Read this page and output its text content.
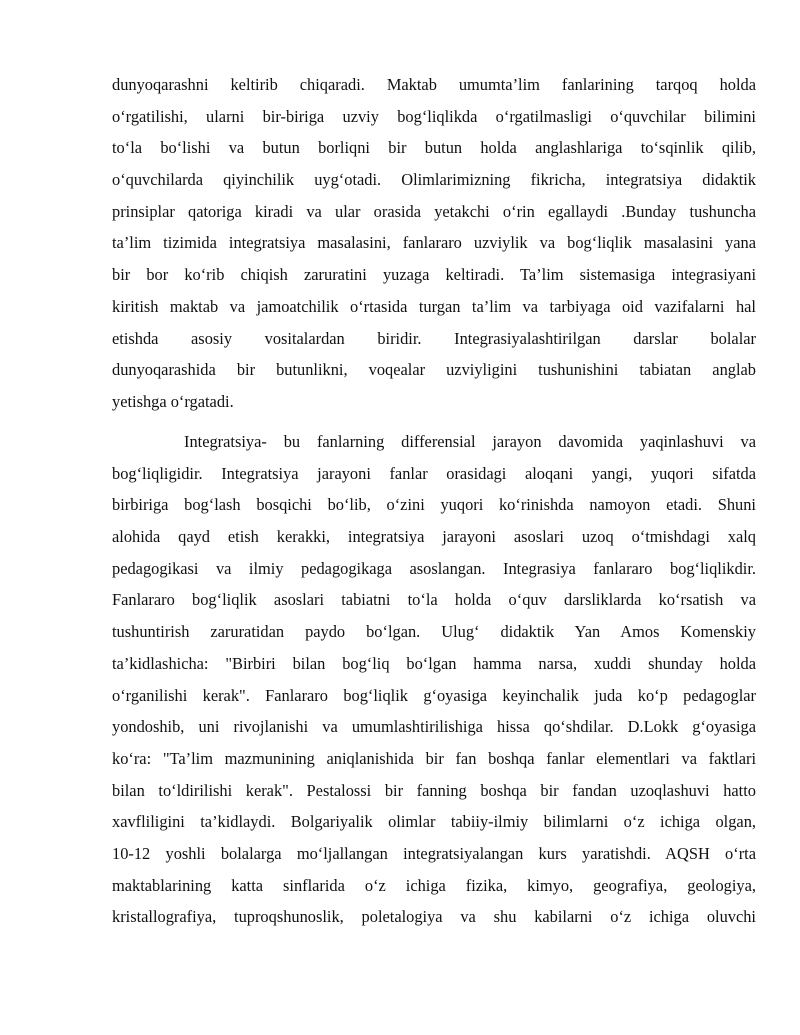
dunyoqarashni keltirib chiqaradi. Maktab umumta’lim fanlarining tarqoq holda
o‘rgatilishi, ularni bir-biriga uzviy bog‘liqlikda o‘rgatilmasligi o‘quvchilar bilimini
to‘la bo‘lishi va butun borliqni bir butun holda anglashlariga to‘sqinlik qilib,
o‘quvchilarda qiyinchilik uyg‘otadi. Olimlarimizning fikricha, integratsiya didaktik
prinsiplar qatoriga kiradi va ular orasida yetakchi o‘rin egallaydi .Bunday tushuncha
ta’lim tizimida integratsiya masalasini, fanlararo uzviylik va bog‘liqlik masalasini yana
bir bor ko‘rib chiqish zaruratini yuzaga keltiradi. Ta’lim sistemasiga integrasiyani
kiritish maktab va jamoatchilik o‘rtasida turgan ta’lim va tarbiyaga oid vazifalarni hal
etishda asosiy vositalardan biridir. Integrasiyalashtirilgan darslar bolalar
dunyoqarashida bir butunlikni, voqealar uzviyligini tushunishini tabiatan anglab
yetishga o‘rgatadi.
Integratsiya- bu fanlarning differensial jarayon davomida yaqinlashuvi va
bog‘liqligidir. Integratsiya jarayoni fanlar orasidagi aloqani yangi, yuqori sifatda
birbiriga bog‘lash bosqichi bo‘lib, o‘zini yuqori ko‘rinishda namoyon etadi. Shuni
alohida qayd etish kerakki, integratsiya jarayoni asoslari uzoq o‘tmishdagi xalq
pedagogikasi va ilmiy pedagogikaga asoslangan. Integrasiya fanlararo bog‘liqlikdir.
Fanlararo bog‘liqlik asoslari tabiatni to‘la holda o‘quv darsliklarda ko‘rsatish va
tushuntirish zaruratidan paydo bo‘lgan. Ulug‘ didaktik Yan Amos Komenskiy
ta’kidlashicha: "Birbiri bilan bog‘liq bo‘lgan hamma narsa, xuddi shunday holda
o‘rganilishi kerak". Fanlararo bog‘liqlik g‘oyasiga keyinchalik juda ko‘p pedagoglar
yondoshib, uni rivojlanishi va umumlashtirilishiga hissa qo‘shdilar. D.Lokk g‘oyasiga
ko‘ra: "Ta’lim mazmunining aniqlanishida bir fan boshqa fanlar elementlari va faktlari
bilan to‘ldirilishi kerak". Pestalossi bir fanning boshqa bir fandan uzoqlashuvi hatto
xavfliligini ta’kidlaydi. Bolgariyalik olimlar tabiiy-ilmiy bilimlarni o‘z ichiga olgan,
10-12 yoshli bolalarga mo‘ljallangan integratsiyalangan kurs yaratishdi. AQSH o‘rta
maktablarining katta sinflarida o‘z ichiga fizika, kimyo, geografiya, geologiya,
kristallografiya, tuproqshunoslik, poletalogiya va shu kabilarni o‘z ichiga oluvchi
